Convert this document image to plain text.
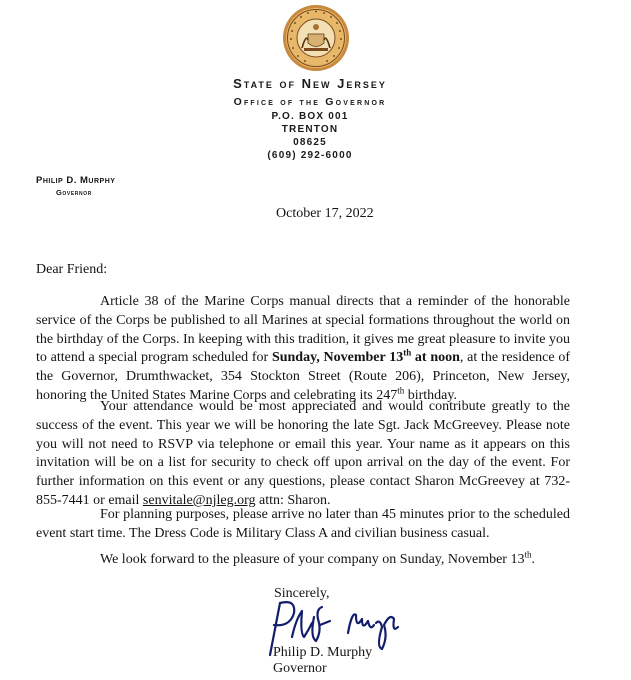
State of New Jersey
Office of the Governor
P.O. BOX 001
TRENTON
08625
(609) 292-6000
Philip D. Murphy
Governor
October 17, 2022
Dear Friend:

Article 38 of the Marine Corps manual directs that a reminder of the honorable service of the Corps be published to all Marines at special formations throughout the world on the birthday of the Corps. In keeping with this tradition, it gives me great pleasure to invite you to attend a special program scheduled for Sunday, November 13th at noon, at the residence of the Governor, Drumthwacket, 354 Stockton Street (Route 206), Princeton, New Jersey, honoring the United States Marine Corps and celebrating its 247th birthday.

Your attendance would be most appreciated and would contribute greatly to the success of the event. This year we will be honoring the late Sgt. Jack McGreevey. Please note you will not need to RSVP via telephone or email this year. Your name as it appears on this invitation will be on a list for security to check off upon arrival on the day of the event. For further information on this event or any questions, please contact Sharon McGreevey at 732-855-7441 or email senvitale@njleg.org attn: Sharon.

For planning purposes, please arrive no later than 45 minutes prior to the scheduled event start time. The Dress Code is Military Class A and civilian business casual.

We look forward to the pleasure of your company on Sunday, November 13th.

Sincerely,
Philip D. Murphy
Governor
